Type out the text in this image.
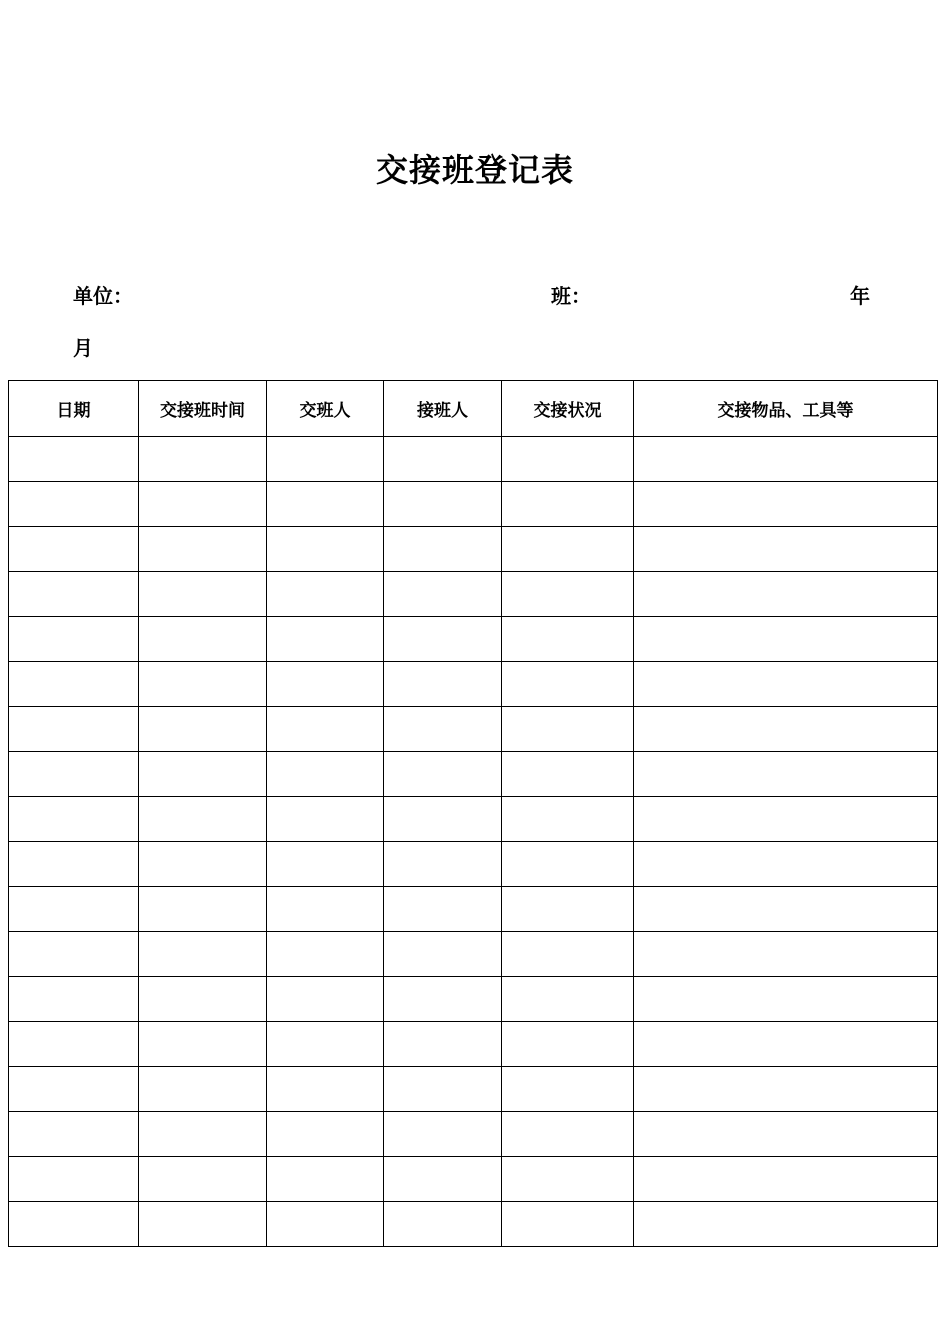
交接班登记表
单位：	班：	年
月
日期	交接班时间	交班人	接班人	交接状况	交接物品、工具等
